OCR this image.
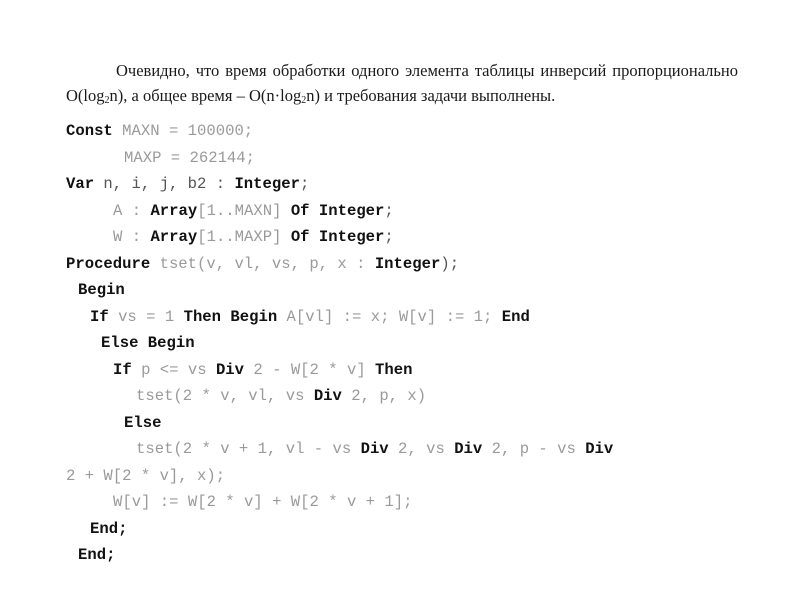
Очевидно, что время обработки одного элемента таблицы инверсий пропорционально $O(\log_2n)$, а общее время – $O(n\cdot\log_2n)$ и требования задачи выполнены.

Const MAXN = 100000;
MAXP = 262144;
Var n, i, j, b2 : Integer;
A : Array[1..MAXN] Of Integer;
W : Array[1..MAXP] Of Integer;
Procedure tset(v, vl, vs, p, x : Integer);
Begin
If vs = 1 Then Begin A[vl] := x; W[v] := 1; End
Else Begin
If p <= vs Div 2 - W[2 * v] Then
tset(2 * v, vl, vs Div 2, p, x)
Else
tset(2 * v + 1, vl - vs Div 2, vs Div 2, p - vs Div
2 + W[2 * v], x);
W[v] := W[2 * v] + W[2 * v + 1];
End;
End;
